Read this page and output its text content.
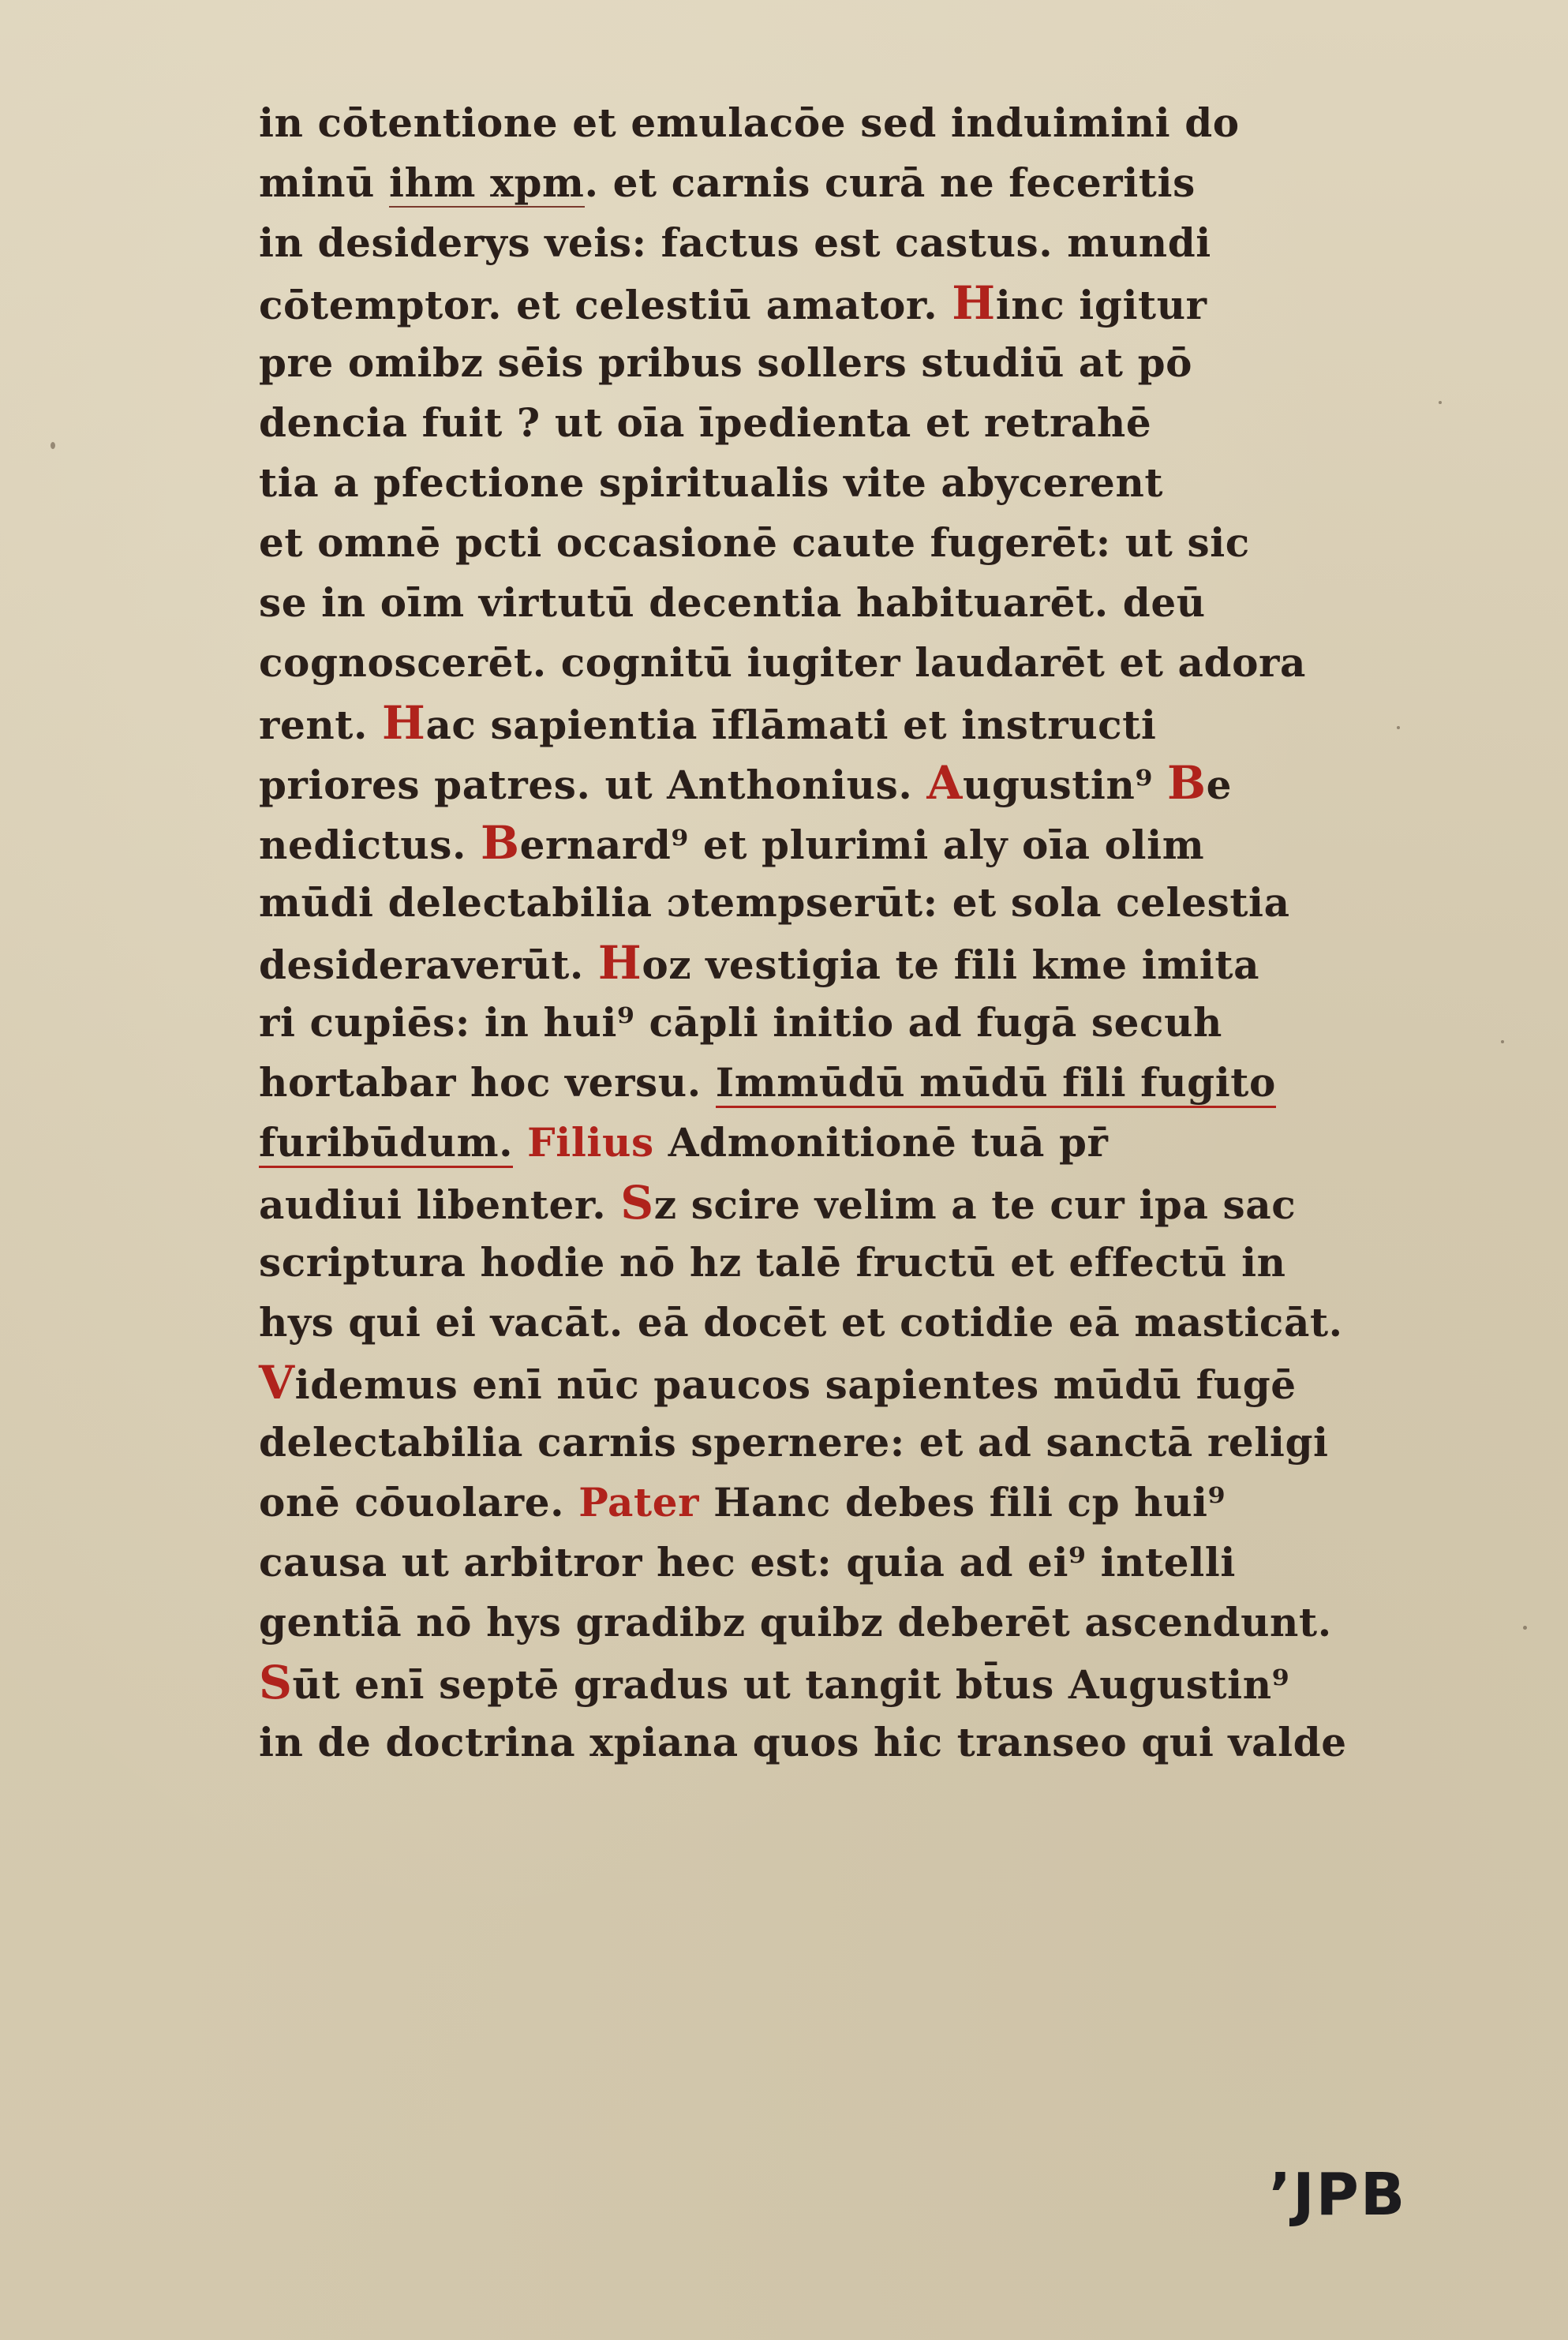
in cōtentione et emulacōe sed induimini do
minū ihm xpm. et carnis curā ne feceritis
in desiderys veis: factus est castus. mundi
cōtemptor. et celestiū amator. Hinc igitur
pre omibz sēis pribus sollers studiū at pō
dencia fuit ? ut oīa īpedienta et retrahē
tia a pfectione spiritualis vite abycerent
et omnē pcti occasionē caute fugerēt: ut sic
se in oīm virtutū decentia habituarēt. deū
cognoscerēt. cognitū iugiter laudarēt et adora
rent. Hac sapientia īflāmati et instructi
priores patres. ut Anthonius. Augustin⁹ Be
nedictus. Bernard⁹ et plurimi aly oīa olim
mūdi delectabilia ɔtempserūt: et sola celestia
desideraverūt. Hoz vestigia te fili kme imita
ri cupiēs: in hui⁹ cāpli initio ad fugā secuh
hortabar hoc versu. Immūdū mūdū fili fugito
furibūdum. Filius Admonitionē tuā pr̄
audiui libenter. Sz scire velim a te cur ipa sac
scriptura hodie nō hz talē fructū et effectū in
hys qui ei vacāt. eā docēt et cotidie eā masticāt.
Videmus enī nūc paucos sapientes mūdū fugē
delectabilia carnis spernere: et ad sanctā religi
onē cōuolare. Pater Hanc debes fili cp hui⁹
causa ut arbitror hec est: quia ad ei⁹ intelli
gentiā nō hys gradibz quibz deberēt ascendunt.
Sūt enī septē gradus ut tangit bt̄us Augustin⁹
in de doctrina xpiana quos hic transeo qui valde
’JPB
